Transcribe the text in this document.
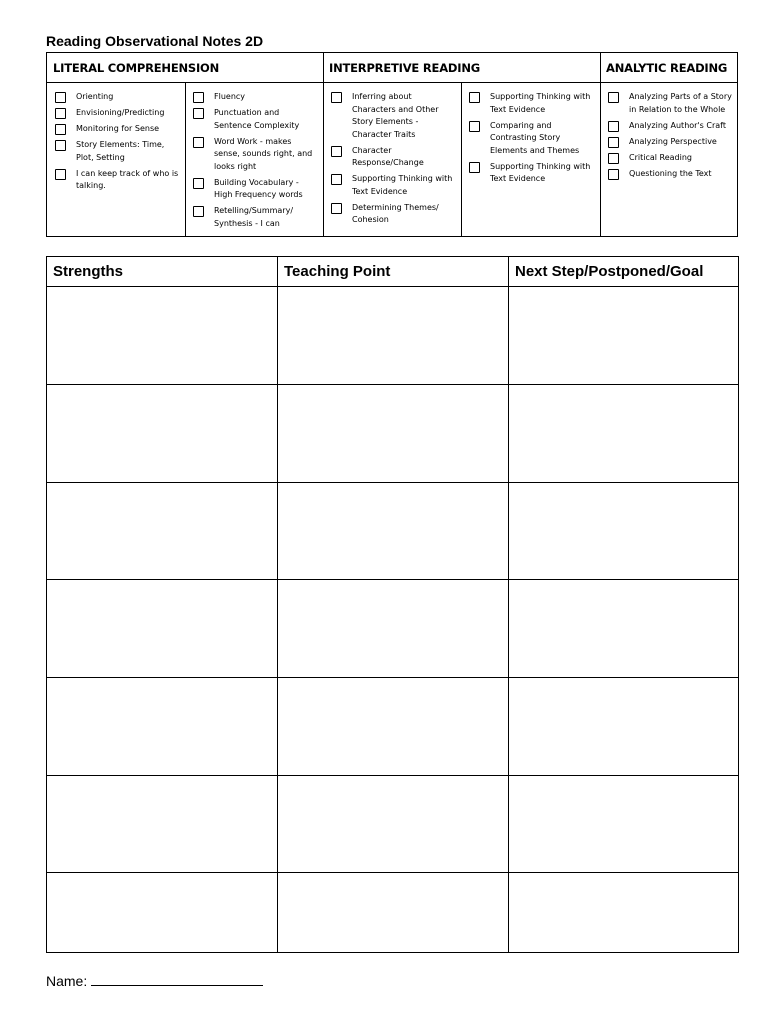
Reading Observational Notes 2D
LITERAL COMPREHENSION	INTERPRETIVE READING	ANALYTIC READING
Orienting
Envisioning/Predicting
Monitoring for Sense
Story Elements: Time, Plot, Setting
I can keep track of who is talking.
Fluency
Punctuation and Sentence Complexity
Word Work - makes sense, sounds right, and looks right
Building Vocabulary - High Frequency words
Retelling/Summary/ Synthesis - I can
Inferring about Characters and Other Story Elements - Character Traits
Character Response/Change
Supporting Thinking with Text Evidence
Determining Themes/ Cohesion
Supporting Thinking with Text Evidence
Comparing and Contrasting Story Elements and Themes
Supporting Thinking with Text Evidence
Analyzing Parts of a Story in Relation to the Whole
Analyzing Author's Craft
Analyzing Perspective
Critical Reading
Questioning the Text
Strengths	Teaching Point	Next Step/Postponed/Goal
Name:
